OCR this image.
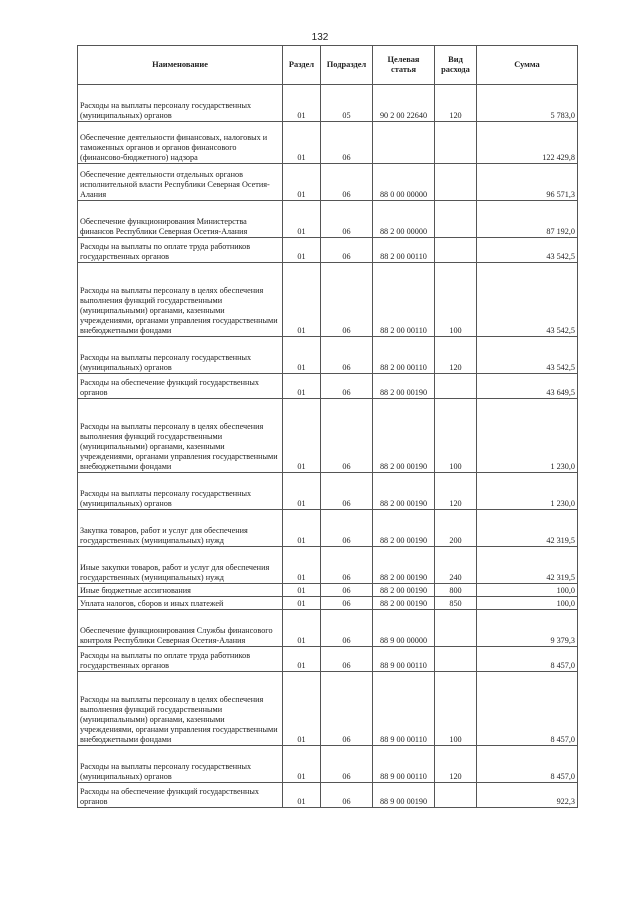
132
Наименование	Раздел	Подраздел	Целевая статья	Вид расхода	Сумма
Расходы на выплаты персоналу государственных (муниципальных) органов	01	05	90 2 00 22640	120	5 783,0
Обеспечение деятельности финансовых, налоговых и таможенных органов и органов финансового (финансово-бюджетного) надзора	01	06			122 429,8
Обеспечение деятельности отдельных органов исполнительной власти Республики Северная Осетия-Алания	01	06	88 0 00 00000		96 571,3
Обеспечение функционирования Министерства финансов Республики Северная Осетия-Алания	01	06	88 2 00 00000		87 192,0
Расходы на выплаты по оплате труда работников государственных органов	01	06	88 2 00 00110		43 542,5
Расходы на выплаты персоналу в целях обеспечения выполнения функций государственными (муниципальными) органами, казенными учреждениями, органами управления государственными внебюджетными фондами	01	06	88 2 00 00110	100	43 542,5
Расходы на выплаты персоналу государственных (муниципальных) органов	01	06	88 2 00 00110	120	43 542,5
Расходы на обеспечение функций государственных органов	01	06	88 2 00 00190		43 649,5
Расходы на выплаты персоналу в целях обеспечения выполнения функций государственными (муниципальными) органами, казенными учреждениями, органами управления государственными внебюджетными фондами	01	06	88 2 00 00190	100	1 230,0
Расходы на выплаты персоналу государственных (муниципальных) органов	01	06	88 2 00 00190	120	1 230,0
Закупка товаров, работ и услуг для обеспечения государственных (муниципальных) нужд	01	06	88 2 00 00190	200	42 319,5
Иные закупки товаров, работ и услуг для обеспечения государственных (муниципальных) нужд	01	06	88 2 00 00190	240	42 319,5
Иные бюджетные ассигнования	01	06	88 2 00 00190	800	100,0
Уплата налогов, сборов и иных платежей	01	06	88 2 00 00190	850	100,0
Обеспечение функционирования Службы финансового контроля Республики Северная Осетия-Алания	01	06	88 9 00 00000		9 379,3
Расходы на выплаты по оплате труда работников государственных органов	01	06	88 9 00 00110		8 457,0
Расходы на выплаты персоналу в целях обеспечения выполнения функций государственными (муниципальными) органами, казенными учреждениями, органами управления государственными внебюджетными фондами	01	06	88 9 00 00110	100	8 457,0
Расходы на выплаты персоналу государственных (муниципальных) органов	01	06	88 9 00 00110	120	8 457,0
Расходы на обеспечение функций государственных органов	01	06	88 9 00 00190		922,3
